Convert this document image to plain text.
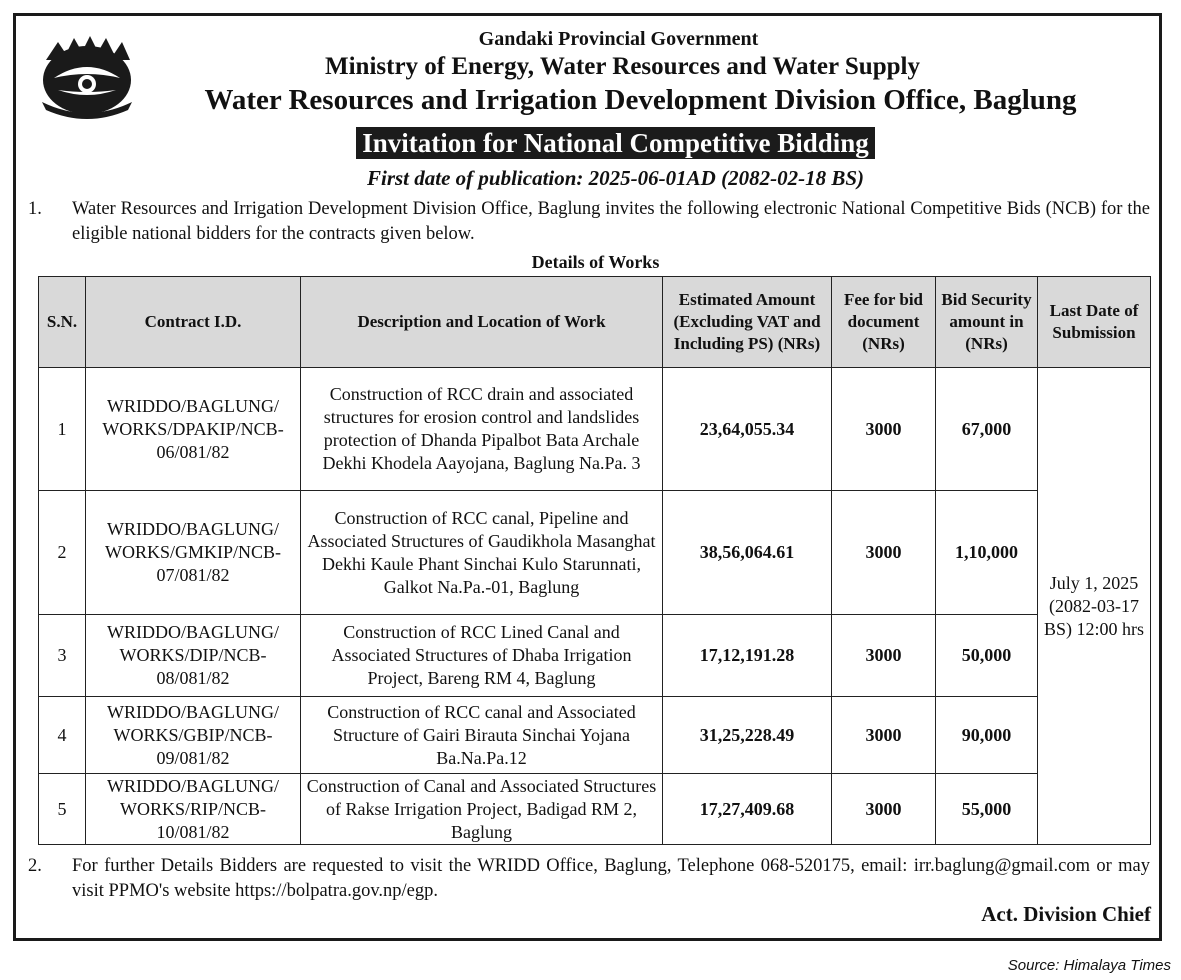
Gandaki Provincial Government
Ministry of Energy, Water Resources and Water Supply
Water Resources and Irrigation Development Division Office, Baglung
Invitation for National Competitive Bidding
First date of publication: 2025-06-01AD (2082-02-18 BS)
1. Water Resources and Irrigation Development Division Office, Baglung invites the following electronic National Competitive Bids (NCB) for the eligible national bidders for the contracts given below.
Details of Works
S.N.	Contract I.D.	Description and Location of Work	Estimated Amount (Excluding VAT and Including PS) (NRs)	Fee for bid document (NRs)	Bid Security amount in (NRs)	Last Date of Submission
1	WRIDDO/BAGLUNG/ WORKS/DPAKIP/NCB-06/081/82	Construction of RCC drain and associated structures for erosion control and landslides protection of Dhanda Pipalbot Bata Archale Dekhi Khodela Aayojana, Baglung Na.Pa. 3	23,64,055.34	3000	67,000	July 1, 2025 (2082-03-17 BS) 12:00 hrs
2	WRIDDO/BAGLUNG/ WORKS/GMKIP/NCB-07/081/82	Construction of RCC canal, Pipeline and Associated Structures of Gaudikhola Masanghat Dekhi Kaule Phant Sinchai Kulo Starunnati, Galkot Na.Pa.-01, Baglung	38,56,064.61	3000	1,10,000	
3	WRIDDO/BAGLUNG/ WORKS/DIP/NCB-08/081/82	Construction of RCC Lined Canal and Associated Structures of Dhaba Irrigation Project, Bareng RM 4, Baglung	17,12,191.28	3000	50,000	
4	WRIDDO/BAGLUNG/ WORKS/GBIP/NCB-09/081/82	Construction of RCC canal and Associated Structure of Gairi Birauta Sinchai Yojana Ba.Na.Pa.12	31,25,228.49	3000	90,000	
5	WRIDDO/BAGLUNG/ WORKS/RIP/NCB-10/081/82	Construction of Canal and Associated Structures of Rakse Irrigation Project, Badigad RM 2, Baglung	17,27,409.68	3000	55,000	
2. For further Details Bidders are requested to visit the WRIDD Office, Baglung, Telephone 068-520175, email: irr.baglung@gmail.com or may visit PPMO's website https://bolpatra.gov.np/egp.
Act. Division Chief
Source: Himalaya Times
